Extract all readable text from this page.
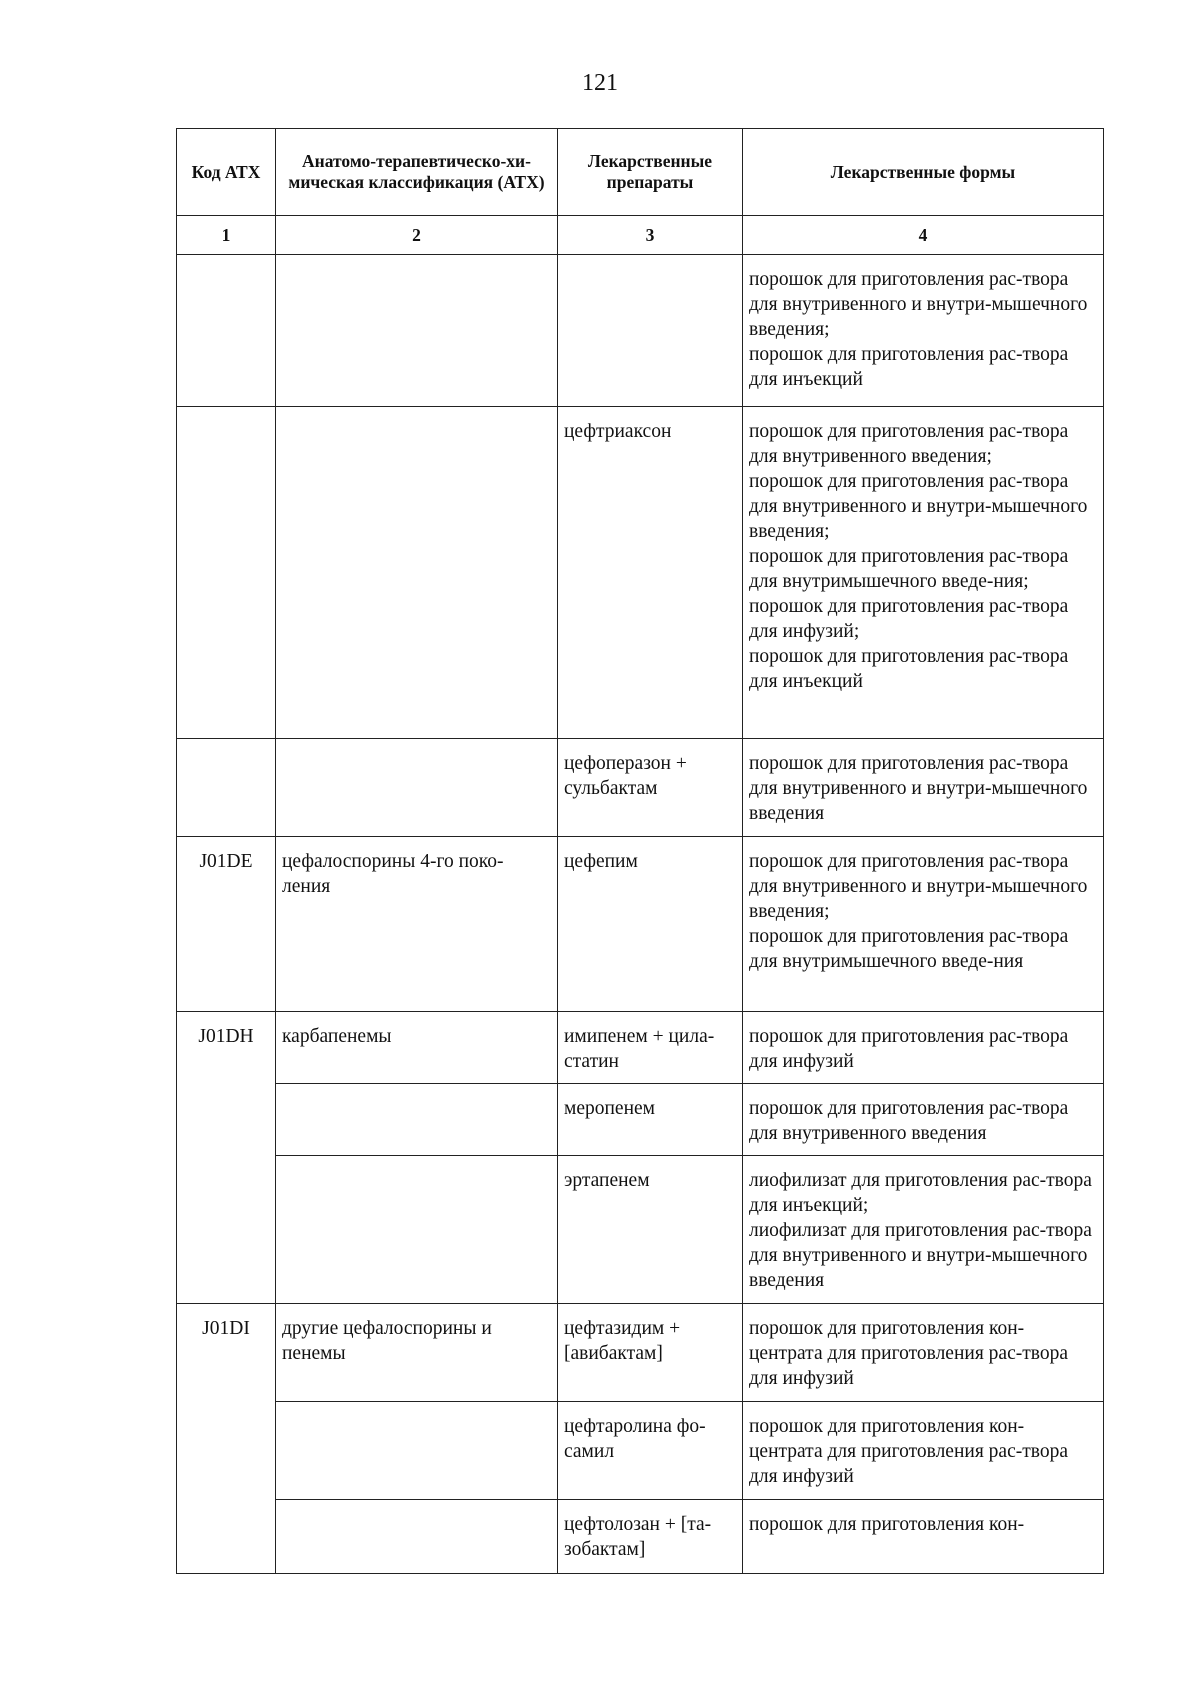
121
Код АТХ	Анатомо-терапевтическо-хи-мическая классификация (АТХ)	Лекарственные препараты	Лекарственные формы
1	2	3	4

			порошок для приготовления рас-твора для внутривенного и внутри-мышечного введения;
порошок для приготовления рас-твора для инъекций

		цефтриаксон	порошок для приготовления рас-твора для внутривенного введения;
порошок для приготовления рас-твора для внутривенного и внутри-мышечного введения;
порошок для приготовления рас-твора для внутримышечного введе-ния;
порошок для приготовления рас-твора для инфузий;
порошок для приготовления рас-твора для инъекций

		цефоперазон + сульбактам	порошок для приготовления рас-твора для внутривенного и внутри-мышечного введения

J01DE	цефалоспорины 4-го поко-ления	цефепим	порошок для приготовления рас-твора для внутривенного и внутри-мышечного введения;
порошок для приготовления рас-твора для внутримышечного введе-ния

J01DH	карбапенемы	имипенем + цила-статин	порошок для приготовления рас-твора для инфузий

		меропенем	порошок для приготовления рас-твора для внутривенного введения

		эртапенем	лиофилизат для приготовления рас-твора для инъекций;
лиофилизат для приготовления рас-твора для внутривенного и внутри-мышечного введения

J01DI	другие цефалоспорины и пенемы	цефтазидим + [авибактам]	порошок для приготовления кон-центрата для приготовления рас-твора для инфузий

		цефтаролина фо-самил	порошок для приготовления кон-центрата для приготовления рас-твора для инфузий

		цефтолозан + [та-зобактам]	порошок для приготовления кон-
